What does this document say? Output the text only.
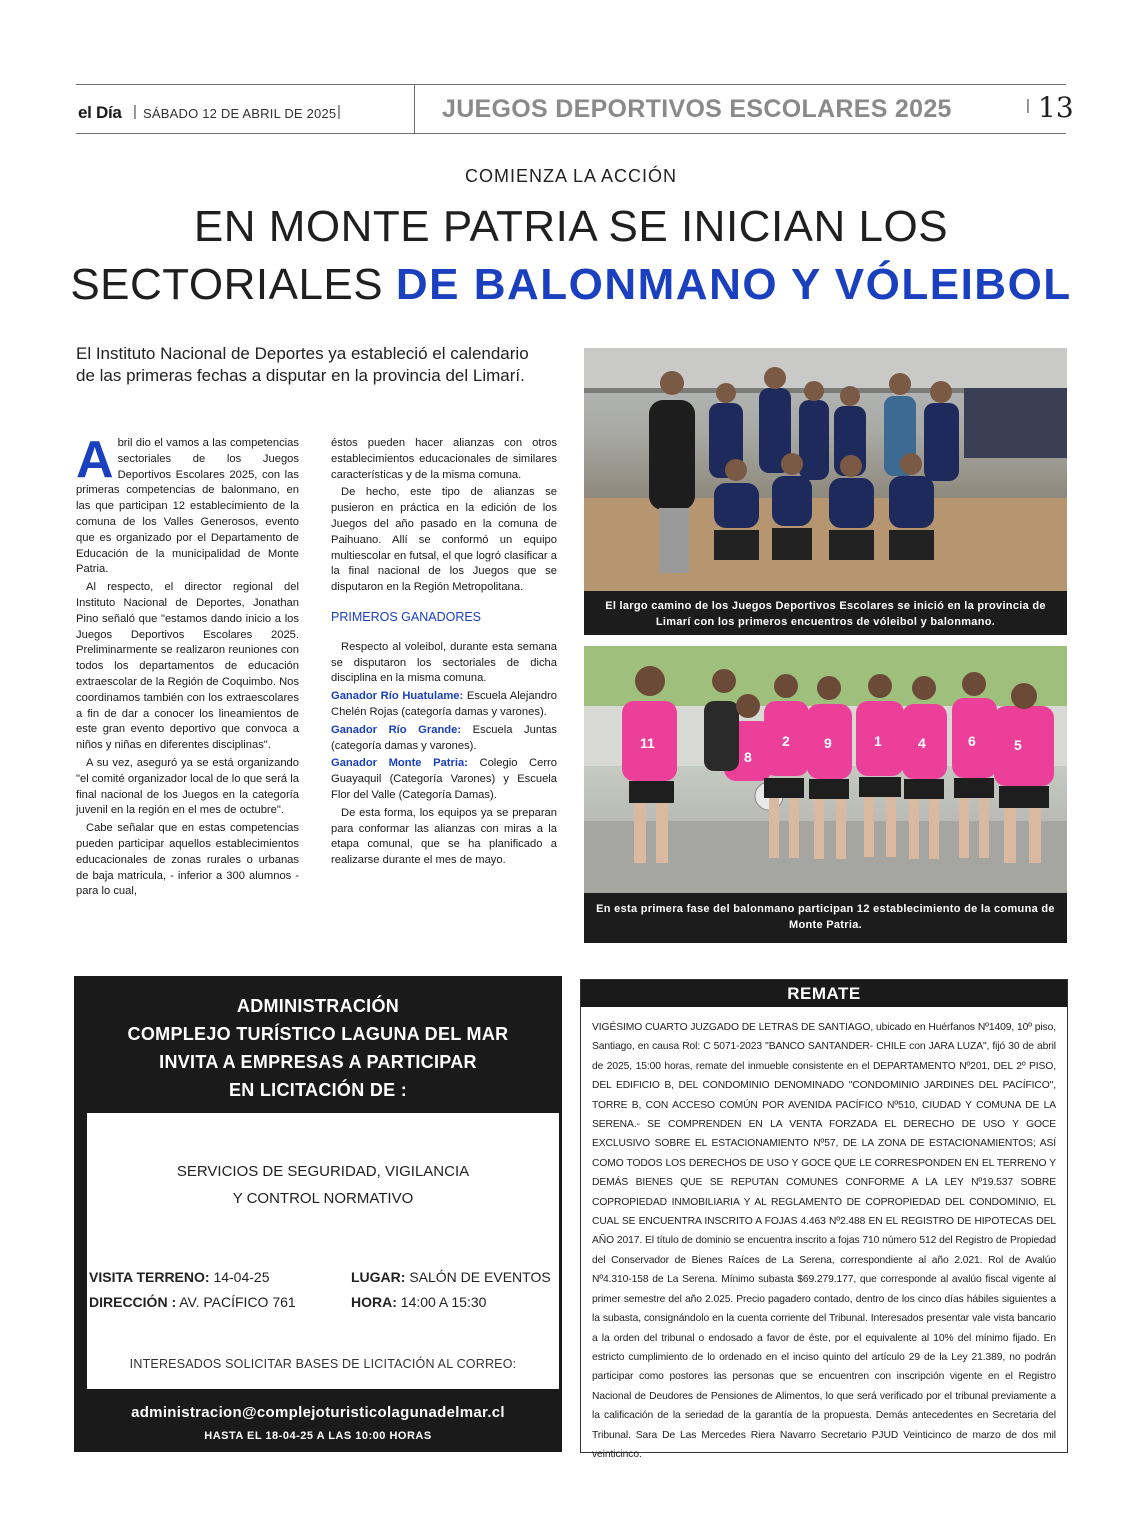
el Día | SÁBADO 12 DE ABRIL DE 2025 |	JUEGOS DEPORTIVOS ESCOLARES 2025	| 13
COMIENZA LA ACCIÓN
EN MONTE PATRIA SE INICIAN LOS
SECTORIALES DE BALONMANO Y VÓLEIBOL
El Instituto Nacional de Deportes ya estableció el calendario de las primeras fechas a disputar en la provincia del Limarí.

Abril dio el vamos a las competencias sectoriales de los Juegos Deportivos Escolares 2025, con las primeras competencias de balonmano, en las que participan 12 establecimiento de la comuna de los Valles Generosos, evento que es organizado por el Departamento de Educación de la municipalidad de Monte Patria.

Al respecto, el director regional del Instituto Nacional de Deportes, Jonathan Pino señaló que "estamos dando inicio a los Juegos Deportivos Escolares 2025. Preliminarmente se realizaron reuniones con todos los departamentos de educación extraescolar de la Región de Coquimbo. Nos coordinamos también con los extraescolares a fin de dar a conocer los lineamientos de este gran evento deportivo que convoca a niños y niñas en diferentes disciplinas".

A su vez, aseguró ya se está organizando "el comité organizador local de lo que será la final nacional de los Juegos en la categoría juvenil en la región en el mes de octubre".

Cabe señalar que en estas competencias pueden participar aquellos establecimientos educacionales de zonas rurales o urbanas de baja matricula, - inferior a 300 alumnos - para lo cual,

éstos pueden hacer alianzas con otros establecimientos educacionales de similares características y de la misma comuna.

De hecho, este tipo de alianzas se pusieron en práctica en la edición de los Juegos del año pasado en la comuna de Paihuano. Allí se conformó un equipo multiescolar en futsal, el que logró clasificar a la final nacional de los Juegos que se disputaron en la Región Metropolitana.

PRIMEROS GANADORES

Respecto al voleibol, durante esta semana se disputaron los sectoriales de dicha disciplina en la misma comuna.

Ganador Río Huatulame: Escuela Alejandro Chelén Rojas (categoría damas y varones).

Ganador Río Grande: Escuela Juntas (categoría damas y varones).

Ganador Monte Patria: Colegio Cerro Guayaquil (Categoría Varones) y Escuela Flor del Valle (Categoría Damas).

De esta forma, los equipos ya se preparan para conformar las alianzas con miras a la etapa comunal, que se ha planificado a realizarse durante el mes de mayo.

El largo camino de los Juegos Deportivos Escolares se inició en la provincia de Limarí con los primeros encuentros de vóleibol y balonmano.
11
8
2 9	1	4	6	5
En esta primera fase del balonmano participan 12 establecimiento de la comuna de Monte Patria.
ADMINISTRACIÓN
COMPLEJO TURÍSTICO LAGUNA DEL MAR
INVITA A EMPRESAS A PARTICIPAR
EN LICITACIÓN DE :
SERVICIOS DE SEGURIDAD, VIGILANCIA
Y CONTROL NORMATIVO
VISITA TERRENO: 14-04-25
DIRECCIÓN : AV. PACÍFICO 761
LUGAR: SALÓN DE EVENTOS
HORA: 14:00 A 15:30
INTERESADOS SOLICITAR BASES DE LICITACIÓN AL CORREO:
administracion@complejoturisticolagunadelmar.cl
HASTA EL 18-04-25 A LAS 10:00 HORAS
REMATE
VIGÉSIMO CUARTO JUZGADO DE LETRAS DE SANTIAGO, ubicado en Huérfanos Nº1409, 10º piso, Santiago, en causa Rol: C 5071-2023 "BANCO SANTANDER- CHILE con JARA LUZA", fijó 30 de abril de 2025, 15:00 horas, remate del inmueble consistente en el DEPARTAMENTO Nº201, DEL 2º PISO, DEL EDIFICIO B, DEL CONDOMINIO DENOMINADO "CONDOMINIO JARDINES DEL PACÍFICO", TORRE B, CON ACCESO COMÚN POR AVENIDA PACÍFICO Nº510, CIUDAD Y COMUNA DE LA SERENA.- SE COMPRENDEN EN LA VENTA FORZADA EL DERECHO DE USO Y GOCE EXCLUSIVO SOBRE EL ESTACIONAMIENTO Nº57, DE LA ZONA DE ESTACIONAMIENTOS; ASÍ COMO TODOS LOS DERECHOS DE USO Y GOCE QUE LE CORRESPONDEN EN EL TERRENO Y DEMÁS BIENES QUE SE REPUTAN COMUNES CONFORME A LA LEY Nº19.537 SOBRE COPROPIEDAD INMOBILIARIA Y AL REGLAMENTO DE COPROPIEDAD DEL CONDOMINIO, EL CUAL SE ENCUENTRA INSCRITO A FOJAS 4.463 Nº2.488 EN EL REGISTRO DE HIPOTECAS DEL AÑO 2017. El título de dominio se encuentra inscrito a fojas 710 número 512 del Registro de Propiedad del Conservador de Bienes Raíces de La Serena, correspondiente al año 2.021. Rol de Avalúo Nº4.310-158 de La Serena. Mínimo subasta $69.279.177, que corresponde al avalúo fiscal vigente al primer semestre del año 2.025. Precio pagadero contado, dentro de los cinco días hábiles siguientes a la subasta, consignándolo en la cuenta corriente del Tribunal. Interesados presentar vale vista bancario a la orden del tribunal o endosado a favor de éste, por el equivalente al 10% del mínimo fijado. En estricto cumplimiento de lo ordenado en el inciso quinto del artículo 29 de la Ley 21.389, no podrán participar como postores las personas que se encuentren con inscripción vigente en el Registro Nacional de Deudores de Pensiones de Alimentos, lo que será verificado por el tribunal previamente a la calificación de la seriedad de la garantía de la propuesta. Demás antecedentes en Secretaria del Tribunal. Sara De Las Mercedes Riera Navarro Secretario PJUD Veinticinco de marzo de dos mil veinticinco.
